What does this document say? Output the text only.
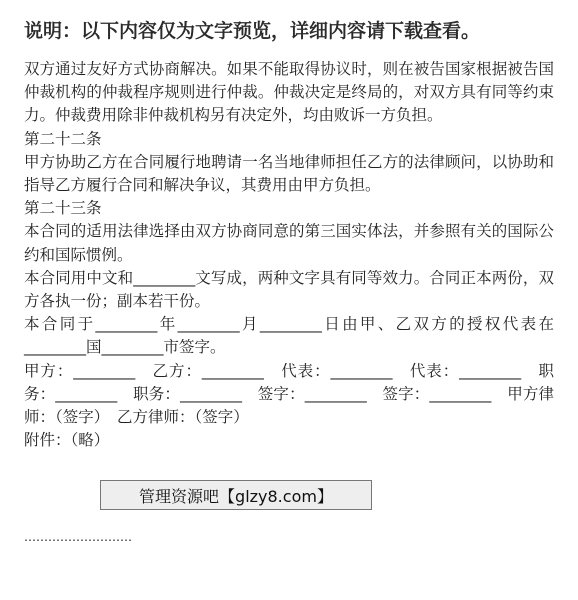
说明：以下内容仅为文字预览，详细内容请下载查看。

双方通过友好方式协商解决。如果不能取得协议时，则在被告国家根据被告国仲裁机构的仲裁程序规则进行仲裁。仲裁决定是终局的，对双方具有同等约束力。仲裁费用除非仲裁机构另有决定外，均由败诉一方负担。

第二十二条

甲方协助乙方在合同履行地聘请一名当地律师担任乙方的法律顾问，以协助和指导乙方履行合同和解决争议，其费用由甲方负担。

第二十三条

本合同的适用法律选择由双方协商同意的第三国实体法，并参照有关的国际公约和国际惯例。

本合同用中文和________文写成，两种文字具有同等效力。合同正本两份，双方各执一份；副本若干份。

本合同于________年________月________日由甲、乙双方的授权代表在________国________市签字。

甲方：________　乙方：________　代表：________　代表：________　职务：________　职务：________　签字：________　签字：________　甲方律师：（签字）　乙方律师：（签字）

附件：（略）

………………………
管理资源吧【glzy8.com】
